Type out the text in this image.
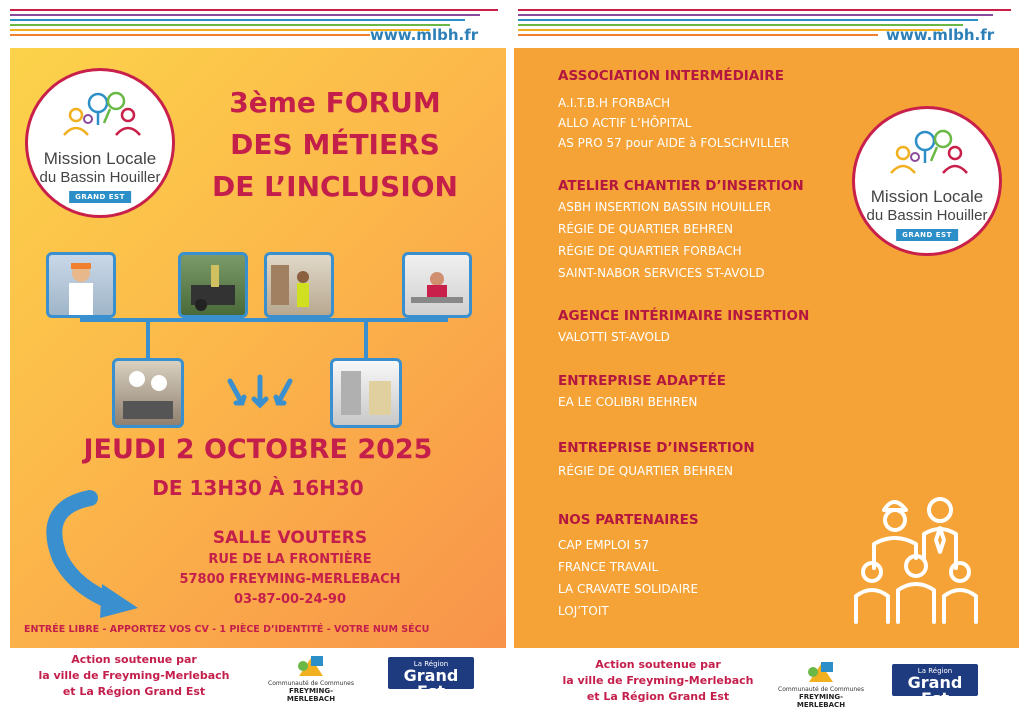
www.mlbh.fr
Mission Locale
du Bassin Houiller
GRAND EST
3ème FORUM
DES MÉTIERS
DE L’INCLUSION
JEUDI 2 OCTOBRE 2025
DE 13H30 À 16H30
SALLE VOUTERS
RUE DE LA FRONTIÈRE
57800 FREYMING-MERLEBACH
03-87-00-24-90
ENTRÉE LIBRE - APPORTEZ VOS CV - 1 PIÈCE D’IDENTITÉ - VOTRE NUM SÉCU
Action soutenue par
la ville de Freyming-Merlebach
et La Région Grand Est
Communauté de Communes
FREYMING-MERLEBACH
La Région
Grand Est
www.mlbh.fr
Mission Locale
du Bassin Houiller
GRAND EST
ASSOCIATION INTERMÉDIAIRE
A.I.T.B.H FORBACH
ALLO ACTIF L’HÔPITAL
AS PRO 57 pour AIDE à FOLSCHVILLER
ATELIER CHANTIER D’INSERTION
ASBH INSERTION BASSIN HOUILLER
RÉGIE DE QUARTIER BEHREN
RÉGIE DE QUARTIER FORBACH
SAINT-NABOR SERVICES ST-AVOLD
AGENCE INTÉRIMAIRE INSERTION
VALOTTI ST-AVOLD
ENTREPRISE ADAPTÉE
EA LE COLIBRI BEHREN
ENTREPRISE D’INSERTION
RÉGIE DE QUARTIER BEHREN
NOS PARTENAIRES
CAP EMPLOI 57
FRANCE TRAVAIL
LA CRAVATE SOLIDAIRE
LOJ’TOIT
Action soutenue par
la ville de Freyming-Merlebach
et La Région Grand Est
Communauté de Communes
FREYMING-MERLEBACH
La Région
Grand Est
